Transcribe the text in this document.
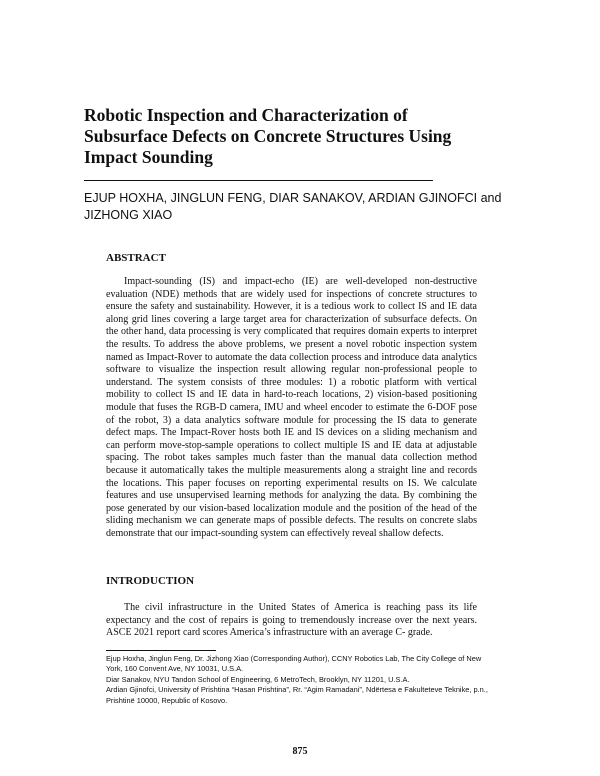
Robotic Inspection and Characterization of Subsurface Defects on Concrete Structures Using Impact Sounding

EJUP HOXHA, JINGLUN FENG, DIAR SANAKOV, ARDIAN GJINOFCI and JIZHONG XIAO

ABSTRACT

Impact-sounding (IS) and impact-echo (IE) are well-developed non-destructive evaluation (NDE) methods that are widely used for inspections of concrete structures to ensure the safety and sustainability. However, it is a tedious work to collect IS and IE data along grid lines covering a large target area for characterization of subsurface defects. On the other hand, data processing is very complicated that requires domain experts to interpret the results. To address the above problems, we present a novel robotic inspection system named as Impact-Rover to automate the data collection process and introduce data analytics software to visualize the inspection result allowing regular non-professional people to understand. The system consists of three modules: 1) a robotic platform with vertical mobility to collect IS and IE data in hard-to-reach locations, 2) vision-based positioning module that fuses the RGB-D camera, IMU and wheel encoder to estimate the 6-DOF pose of the robot, 3) a data analytics software module for processing the IS data to generate defect maps. The Impact-Rover hosts both IE and IS devices on a sliding mechanism and can perform move-stop-sample operations to collect multiple IS and IE data at adjustable spacing. The robot takes samples much faster than the manual data collection method because it automatically takes the multiple measurements along a straight line and records the locations. This paper focuses on reporting experimental results on IS. We calculate features and use unsupervised learning methods for analyzing the data. By combining the pose generated by our vision-based localization module and the position of the head of the sliding mechanism we can generate maps of possible defects. The results on concrete slabs demonstrate that our impact-sounding system can effectively reveal shallow defects.

INTRODUCTION

The civil infrastructure in the United States of America is reaching pass its life expectancy and the cost of repairs is going to tremendously increase over the next years. ASCE 2021 report card scores America’s infrastructure with an average C- grade.

Ejup Hoxha, Jinglun Feng, Dr. Jizhong Xiao (Corresponding Author), CCNY Robotics Lab, The City College of New York, 160 Convent Ave, NY 10031, U.S.A.

Diar Sanakov, NYU Tandon School of Engineering, 6 MetroTech, Brooklyn, NY 11201, U.S.A.

Ardian Gjinofci, University of Prishtina “Hasan Prishtina”, Rr. “Agim Ramadani”, Ndërtesa e Fakulteteve Teknike, p.n., Prishtinë 10000, Republic of Kosovo.

875
